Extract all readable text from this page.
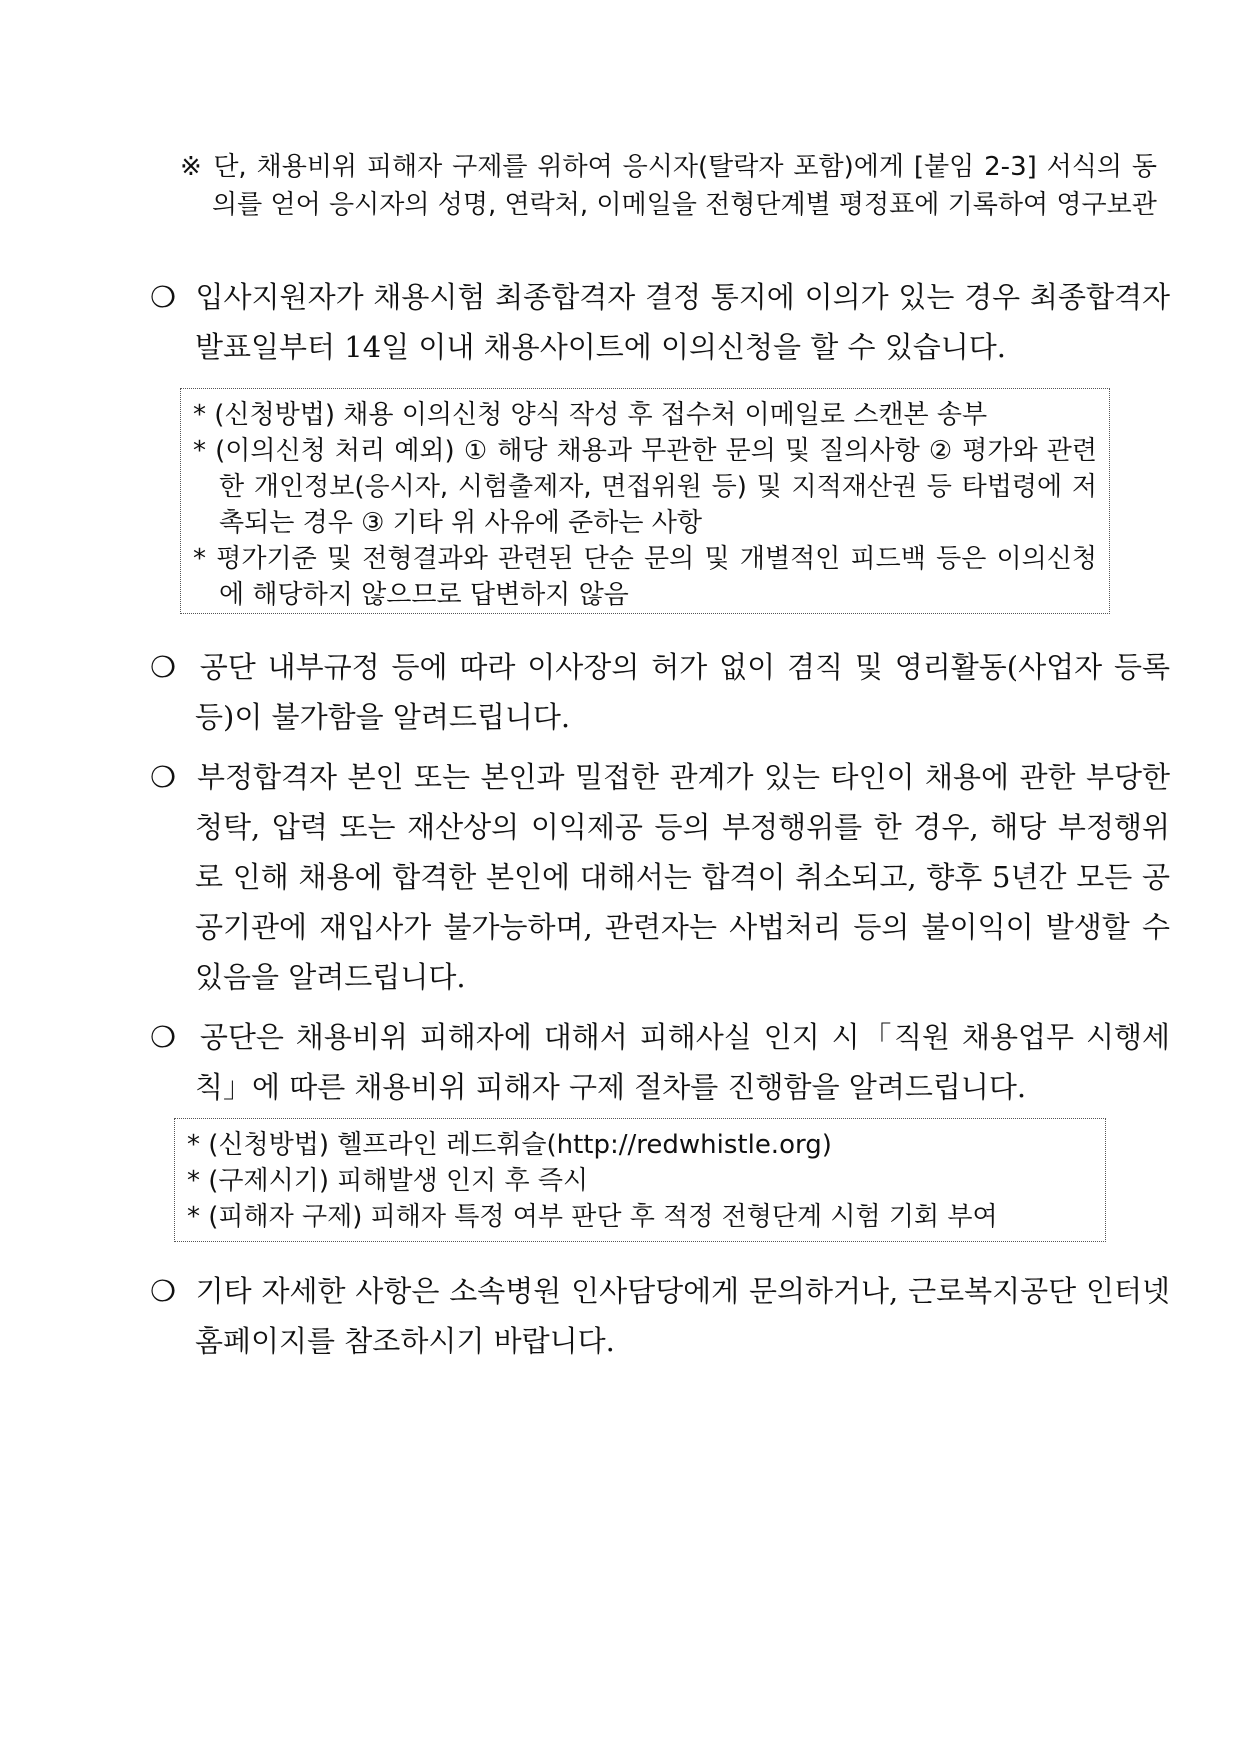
※ 단, 채용비위 피해자 구제를 위하여 응시자(탈락자 포함)에게 [붙임 2-3] 서식의 동의를 얻어 응시자의 성명, 연락처, 이메일을 전형단계별 평정표에 기록하여 영구보관
❍ 입사지원자가 채용시험 최종합격자 결정 통지에 이의가 있는 경우 최종합격자 발표일부터 14일 이내 채용사이트에 이의신청을 할 수 있습니다.

* (신청방법) 채용 이의신청 양식 작성 후 접수처 이메일로 스캔본 송부

* (이의신청 처리 예외) ① 해당 채용과 무관한 문의 및 질의사항 ② 평가와 관련한 개인정보(응시자, 시험출제자, 면접위원 등) 및 지적재산권 등 타법령에 저촉되는 경우 ③ 기타 위 사유에 준하는 사항

* 평가기준 및 전형결과와 관련된 단순 문의 및 개별적인 피드백 등은 이의신청에 해당하지 않으므로 답변하지 않음

❍ 공단 내부규정 등에 따라 이사장의 허가 없이 겸직 및 영리활동(사업자 등록 등)이 불가함을 알려드립니다.
❍ 부정합격자 본인 또는 본인과 밀접한 관계가 있는 타인이 채용에 관한 부당한 청탁, 압력 또는 재산상의 이익제공 등의 부정행위를 한 경우, 해당 부정행위로 인해 채용에 합격한 본인에 대해서는 합격이 취소되고, 향후 5년간 모든 공공기관에 재입사가 불가능하며, 관련자는 사법처리 등의 불이익이 발생할 수 있음을 알려드립니다.
❍ 공단은 채용비위 피해자에 대해서 피해사실 인지 시「직원 채용업무 시행세칙」에 따른 채용비위 피해자 구제 절차를 진행함을 알려드립니다.

* (신청방법) 헬프라인 레드휘슬(http://redwhistle.org)

* (구제시기) 피해발생 인지 후 즉시

* (피해자 구제) 피해자 특정 여부 판단 후 적정 전형단계 시험 기회 부여

❍ 기타 자세한 사항은 소속병원 인사담당에게 문의하거나, 근로복지공단 인터넷 홈페이지를 참조하시기 바랍니다.
